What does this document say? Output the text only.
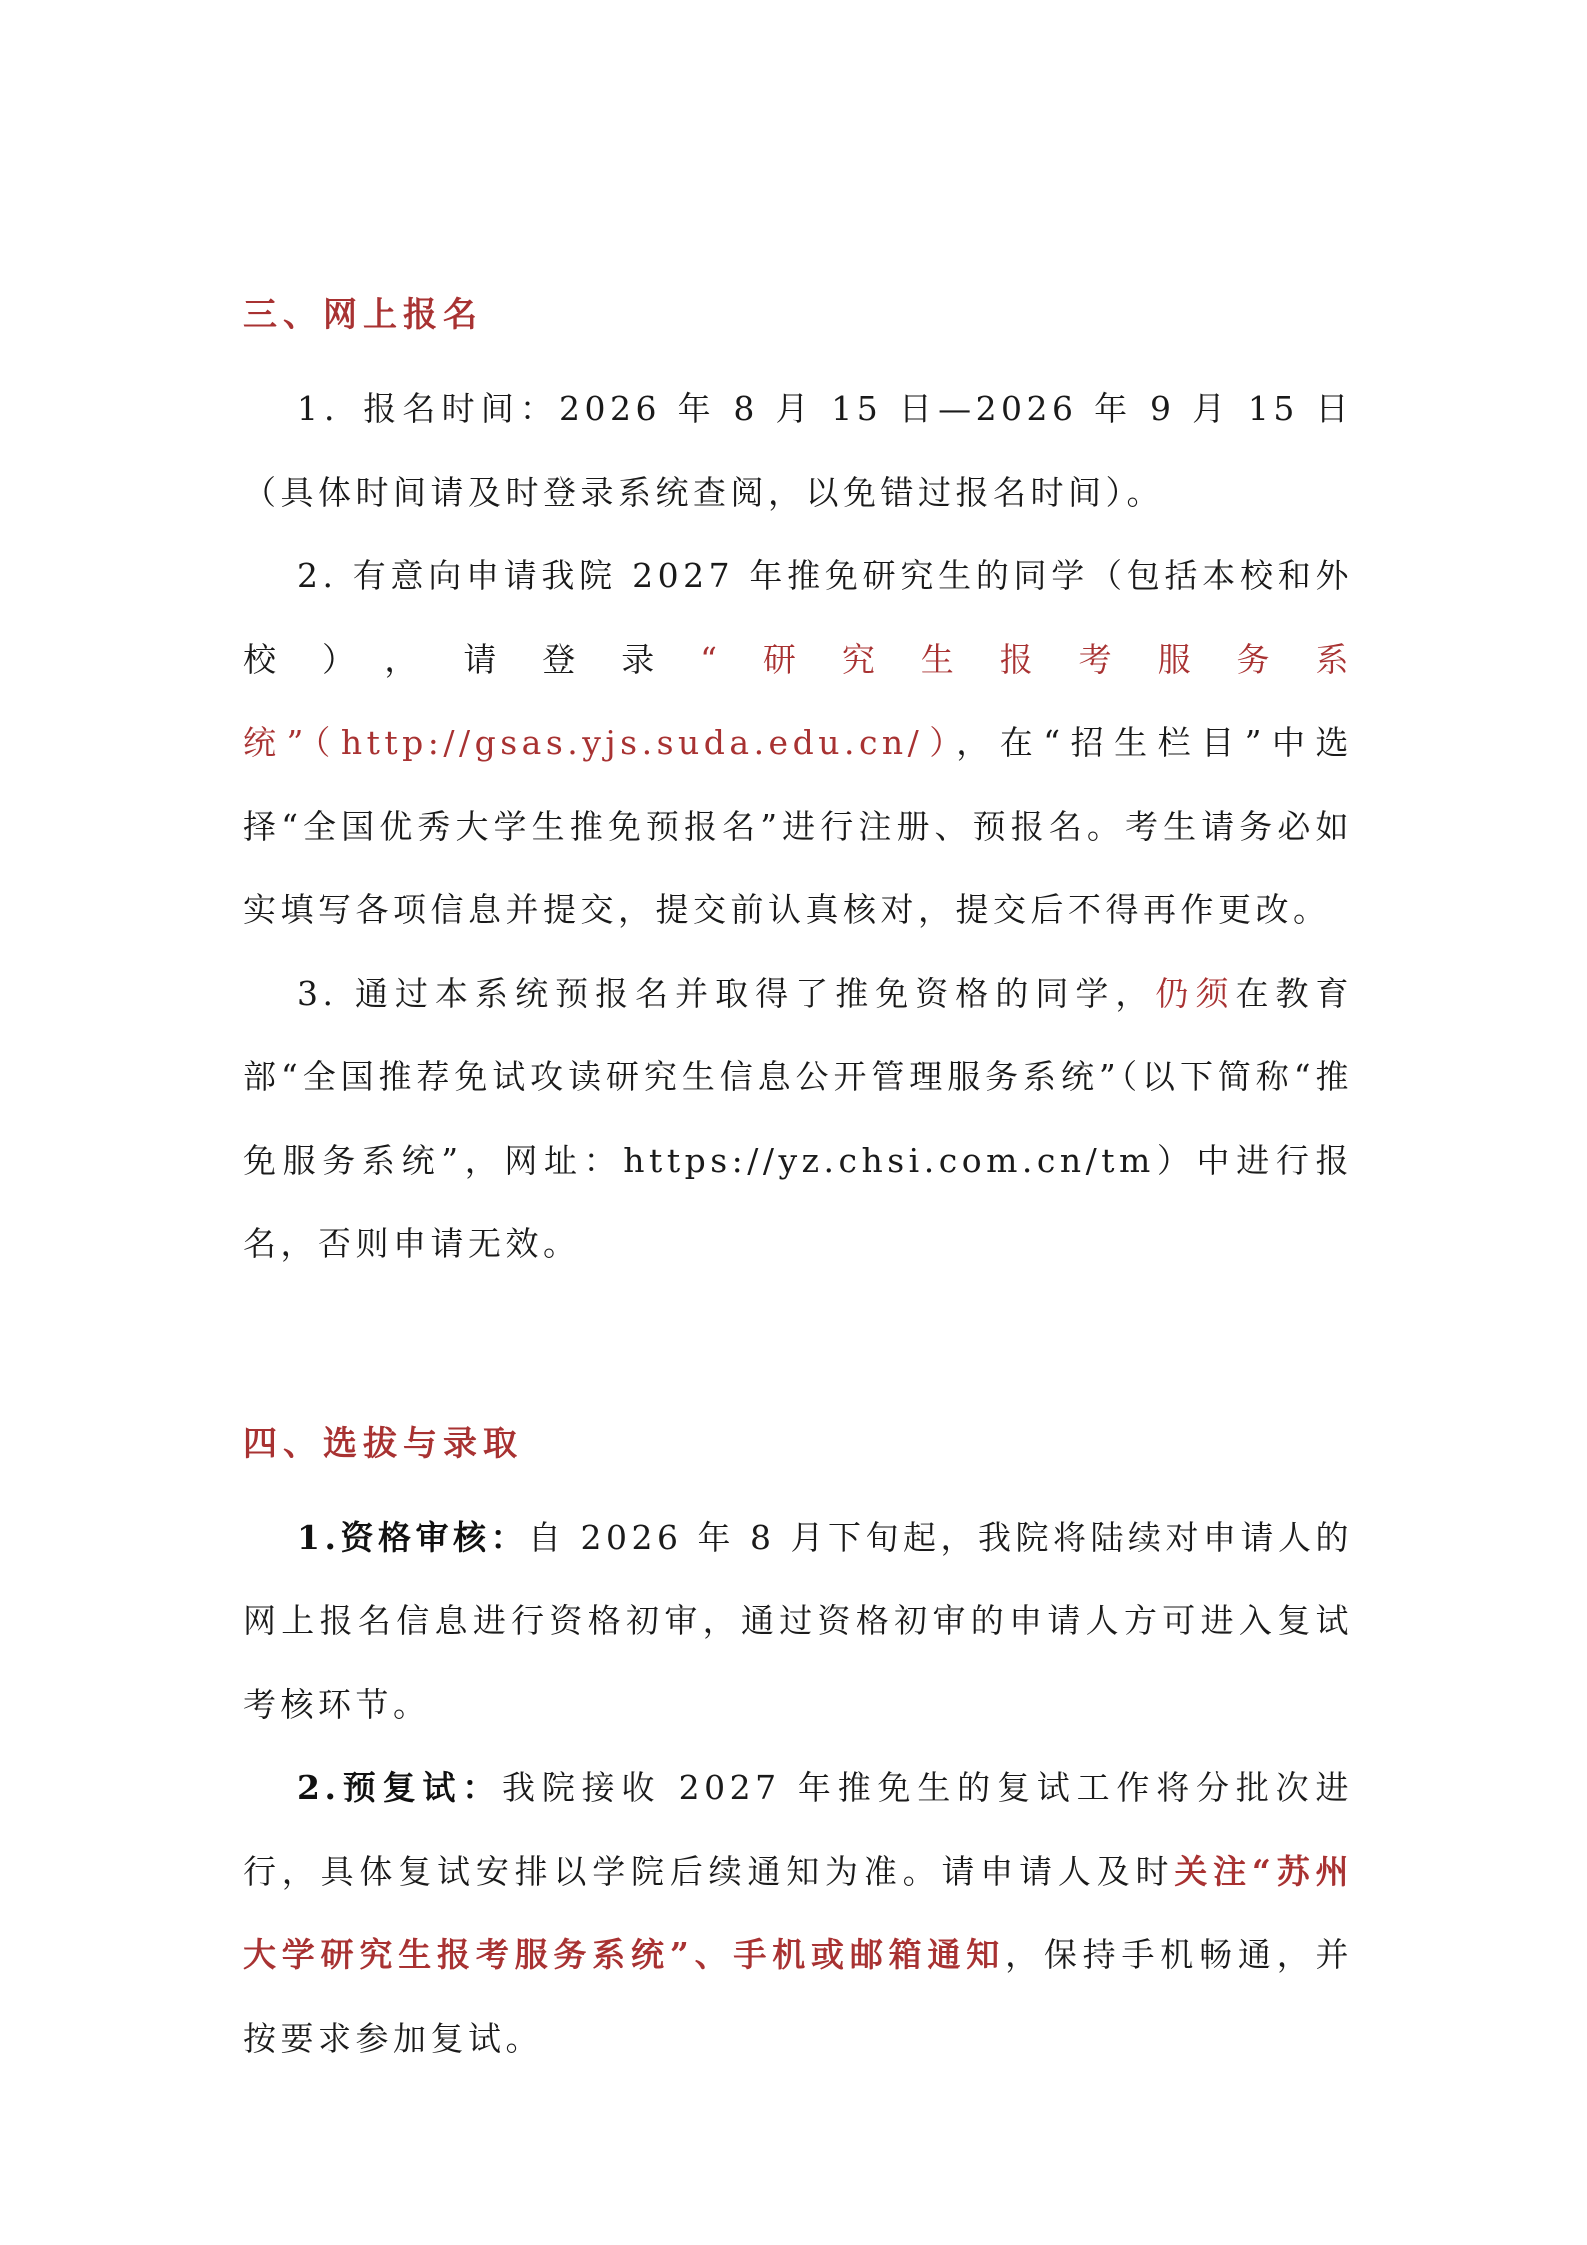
三、网上报名

1．报名时间：2026 年 8 月 15 日—2026 年 9 月 15 日（具体时间请及时登录系统查阅，以免错过报名时间）。

2. 有意向申请我院 2027 年推免研究生的同学（包括本校和外校），请登录“研究生报考服务系统”（http://gsas.yjs.suda.edu.cn/），在“招生栏目”中选择“全国优秀大学生推免预报名”进行注册、预报名。考生请务必如实填写各项信息并提交，提交前认真核对，提交后不得再作更改。

3. 通过本系统预报名并取得了推免资格的同学，仍须在教育部“全国推荐免试攻读研究生信息公开管理服务系统”（以下简称“推免服务系统”，网址：https://yz.chsi.com.cn/tm）中进行报名，否则申请无效。

四、选拔与录取

1.资格审核：自 2026 年 8 月下旬起，我院将陆续对申请人的网上报名信息进行资格初审，通过资格初审的申请人方可进入复试考核环节。

2.预复试：我院接收 2027 年推免生的复试工作将分批次进行，具体复试安排以学院后续通知为准。请申请人及时关注“苏州大学研究生报考服务系统”、手机或邮箱通知，保持手机畅通，并按要求参加复试。
